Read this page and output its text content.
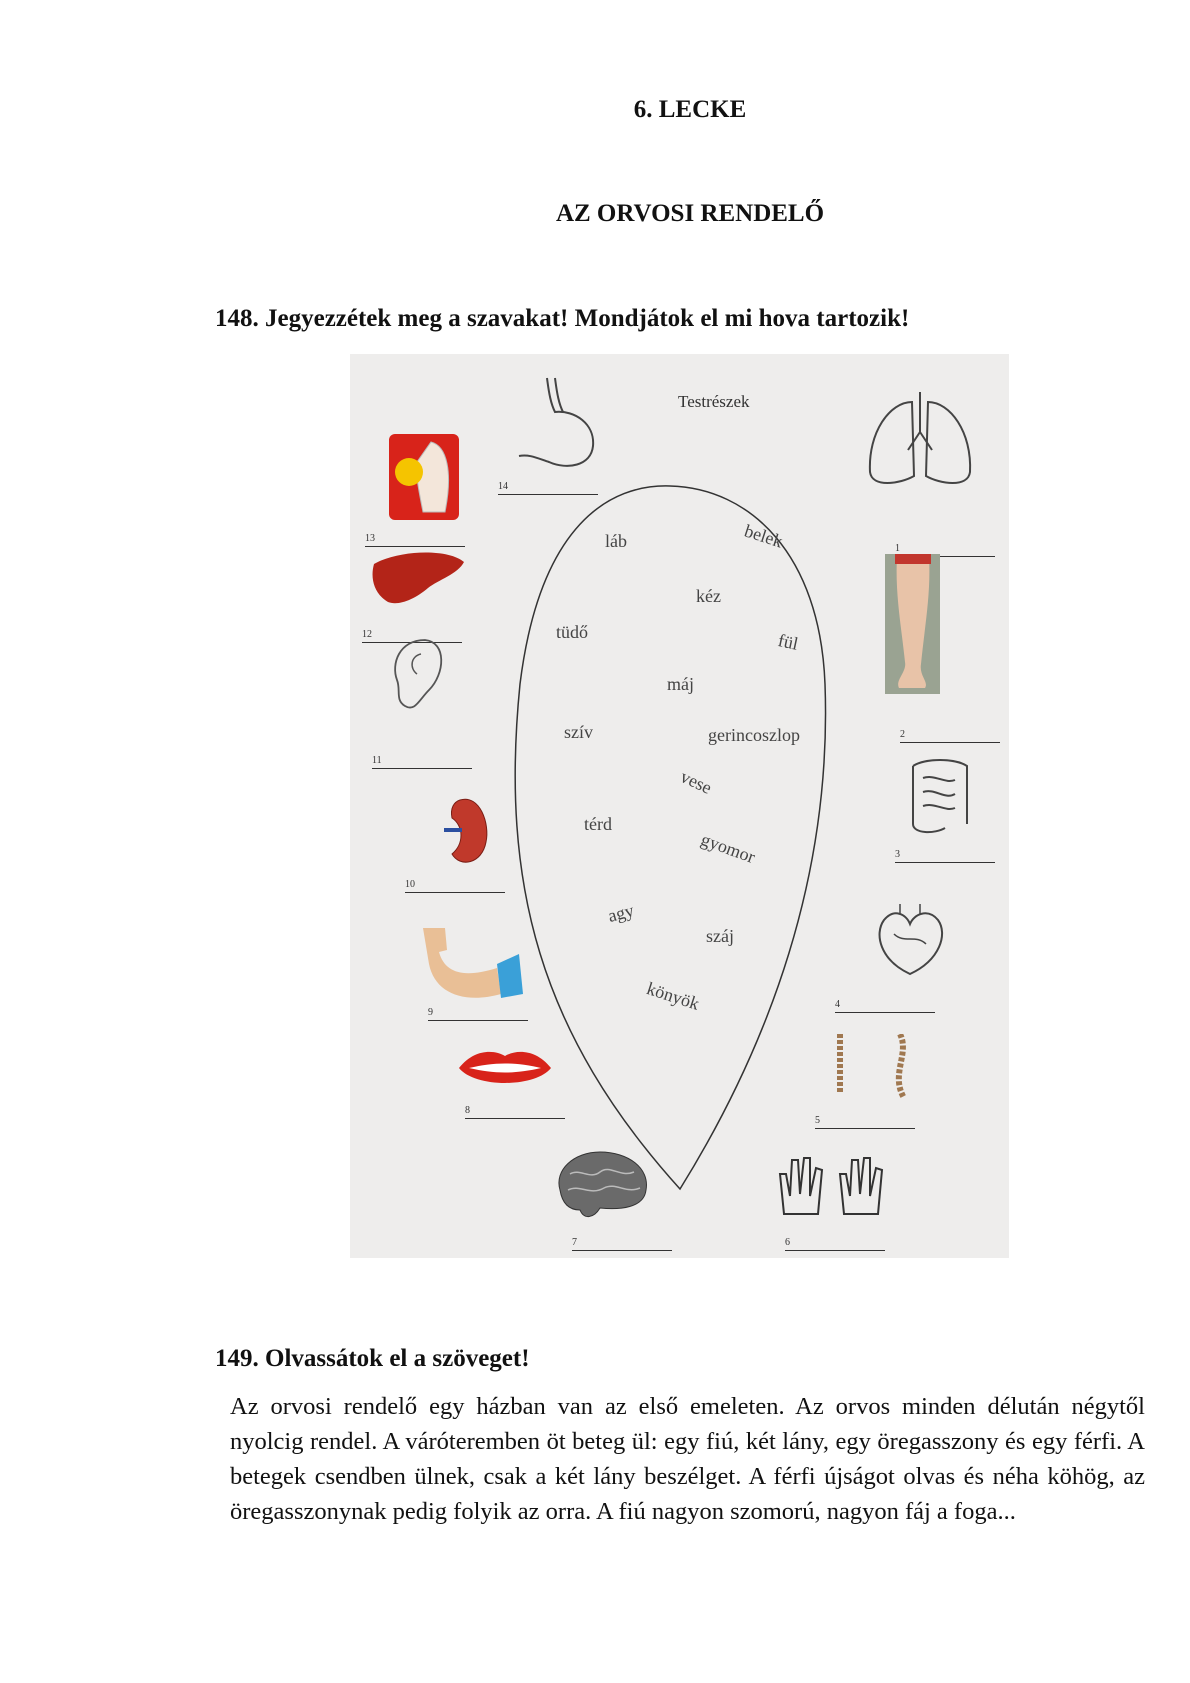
6. LECKE
AZ ORVOSI RENDELŐ
148. Jegyezzétek meg a szavakat! Mondjátok el mi hova tartozik!
Testrészek
láb	belek
kéz
tüdő	fül
máj
szív	gerincoszlop
vese
térd
gyomor
agy
száj
könyök
1
2
3
4
5
6
7
8
9
10
11
12
13
14
149. Olvassátok el a szöveget!
Az orvosi rendelő egy házban van az első emeleten. Az orvos minden délután négytől nyolcig rendel. A váróteremben öt beteg ül: egy fiú, két lány, egy öregasszony és egy férfi. A betegek csendben ülnek, csak a két lány beszélget. A férfi újságot olvas és néha köhög, az öregasszonynak pedig folyik az orra. A fiú nagyon szomorú, nagyon fáj a foga...
